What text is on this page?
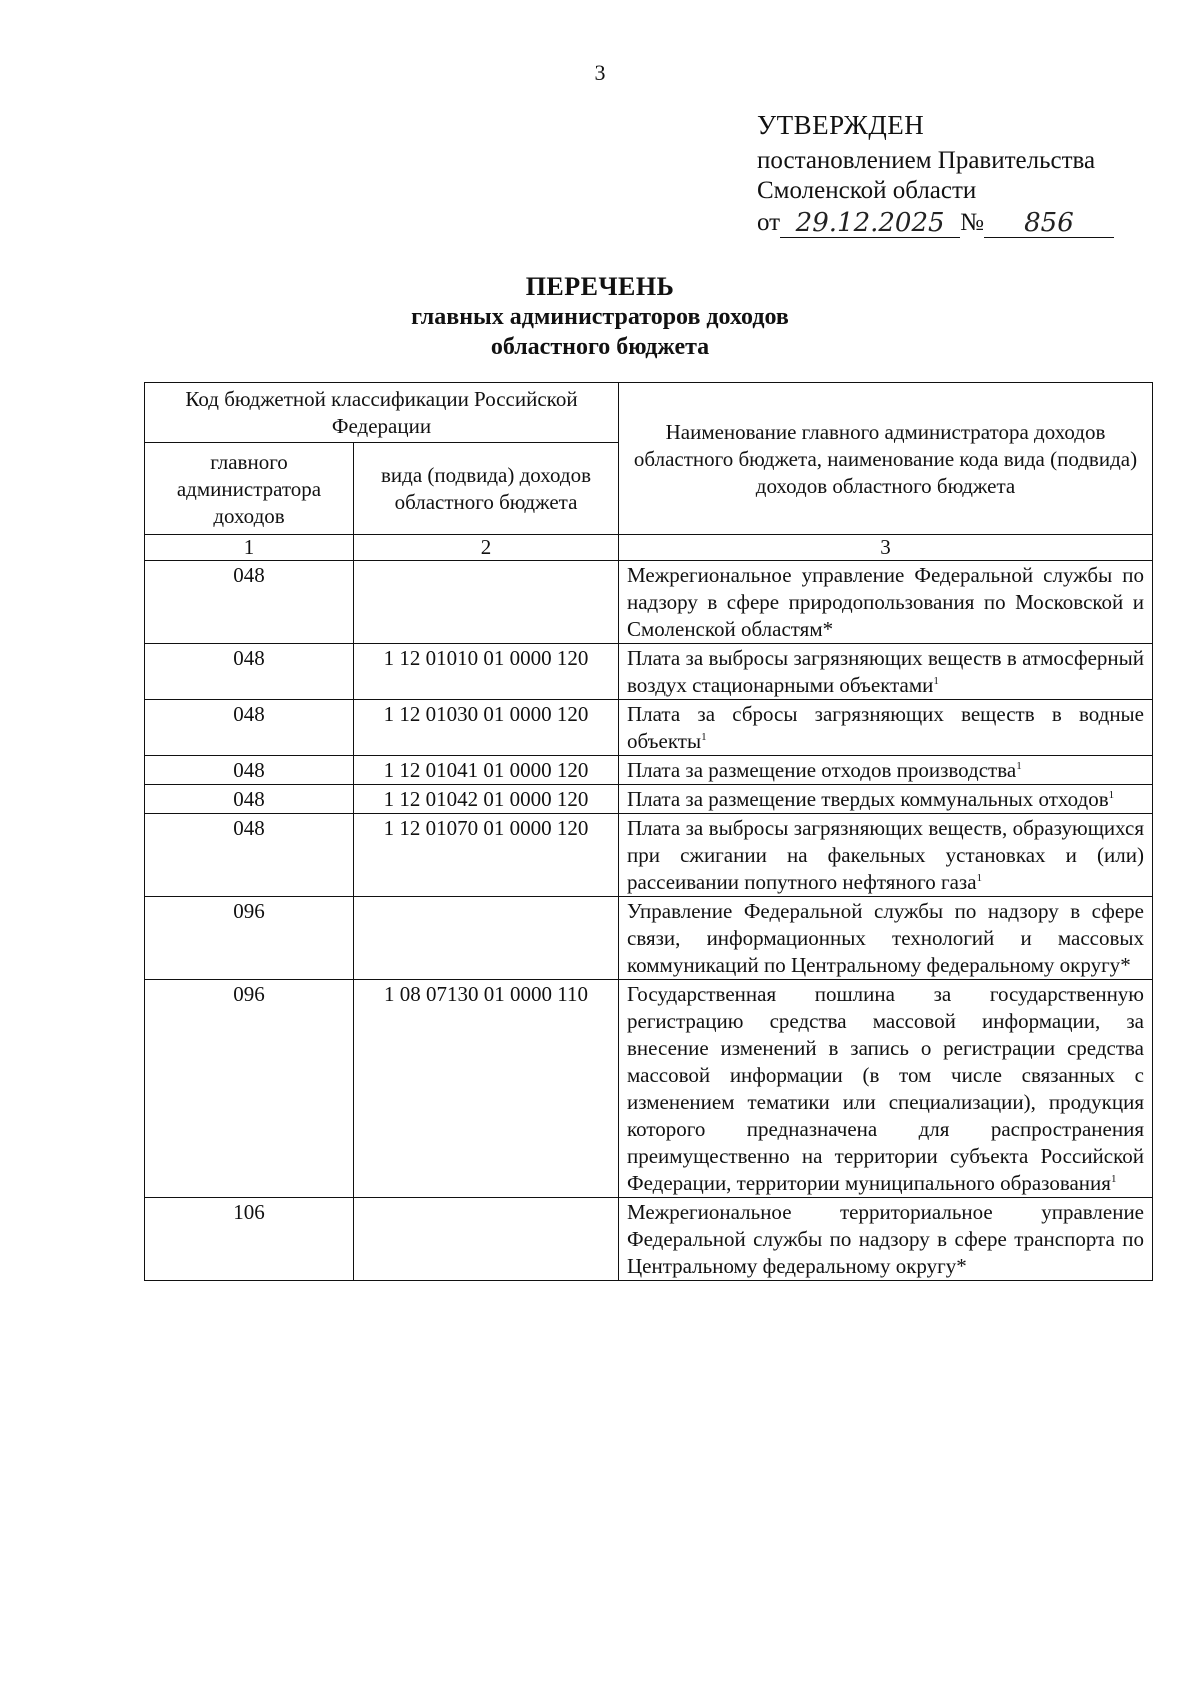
3
УТВЕРЖДЕН
постановлением Правительства
Смоленской области
от 29.12.2025 №	856
ПЕРЕЧЕНЬ
главных администраторов доходов
областного бюджета
Код бюджетной классификации Российской Федерации		Наименование главного администратора доходов областного бюджета, наименование кода вида (подвида) доходов областного бюджета
главного администратора доходов	вида (подвида) доходов областного бюджета	
1	2	3
048		Межрегиональное управление Федеральной службы по надзору в сфере природопользования по Московской и Смоленской областям*
048	1 12 01010 01 0000 120	Плата за выбросы загрязняющих веществ в атмосферный воздух стационарными объектами$^1$
048	1 12 01030 01 0000 120	Плата за сбросы загрязняющих веществ в водные объекты$^1$
048	1 12 01041 01 0000 120	Плата за размещение отходов производства$^1$
048	1 12 01042 01 0000 120	Плата за размещение твердых коммунальных отходов$^1$
048	1 12 01070 01 0000 120	Плата за выбросы загрязняющих веществ, образующихся при сжигании на факельных установках и (или) рассеивании попутного нефтяного газа$^1$
096		Управление Федеральной службы по надзору в сфере связи, информационных технологий и массовых коммуникаций по Центральному федеральному округу*
096	1 08 07130 01 0000 110	Государственная пошлина за государственную регистрацию средства массовой информации, за внесение изменений в запись о регистрации средства массовой информации (в том числе связанных с изменением тематики или специализации), продукция которого предназначена для распространения преимущественно на территории субъекта Российской Федерации, территории муниципального образования$^1$
106		Межрегиональное территориальное управление Федеральной службы по надзору в сфере транспорта по Центральному федеральному округу*
